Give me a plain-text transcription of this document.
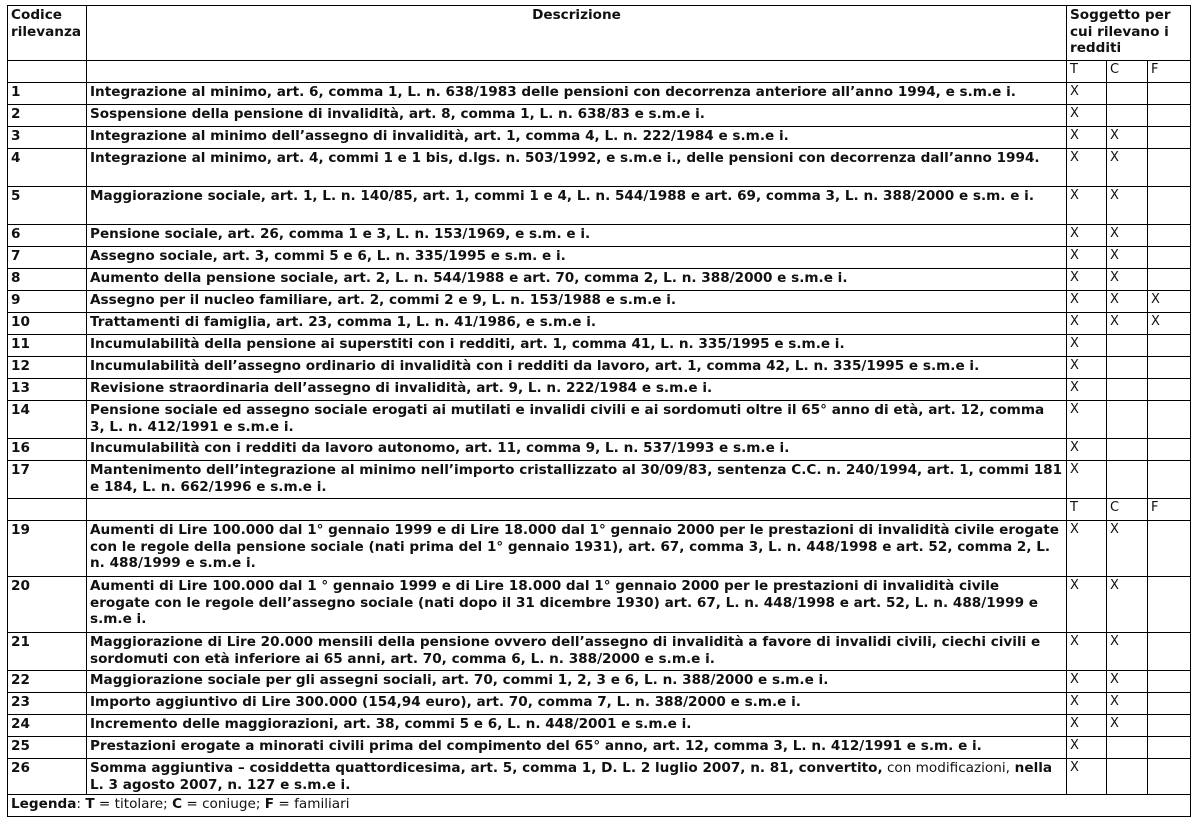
Codice rilevanza	Descrizione	Soggetto per cui rilevano i redditi		
		T	C	F
1	Integrazione al minimo, art. 6, comma 1, L. n. 638/1983 delle pensioni con decorrenza anteriore all’anno 1994, e s.m.e i.	X		
2	Sospensione della pensione di invalidità, art. 8, comma 1, L. n. 638/83 e s.m.e i.	X		
3	Integrazione al minimo dell’assegno di invalidità, art. 1, comma 4, L. n. 222/1984 e s.m.e i.	X	X	
4	Integrazione al minimo, art. 4, commi 1 e 1 bis, d.lgs. n. 503/1992, e s.m.e i., delle pensioni con decorrenza dall’anno 1994.	X	X	
5	Maggiorazione sociale, art. 1, L. n. 140/85, art. 1, commi 1 e 4, L. n. 544/1988 e art. 69, comma 3, L. n. 388/2000 e s.m. e i.	X	X	
6	Pensione sociale, art. 26, comma 1 e 3, L. n. 153/1969, e s.m. e i.	X	X	
7	Assegno sociale, art. 3, commi 5 e 6, L. n. 335/1995 e s.m. e i.	X	X	
8	Aumento della pensione sociale, art. 2, L. n. 544/1988 e art. 70, comma 2, L. n. 388/2000 e s.m.e i.	X	X	
9	Assegno per il nucleo familiare, art. 2, commi 2 e 9, L. n. 153/1988 e s.m.e i.	X	X	X
10	Trattamenti di famiglia, art. 23, comma 1, L. n. 41/1986, e s.m.e i.	X	X	X
11	Incumulabilità della pensione ai superstiti con i redditi, art. 1, comma 41, L. n. 335/1995 e s.m.e i.	X		
12	Incumulabilità dell’assegno ordinario di invalidità con i redditi da lavoro, art. 1, comma 42, L. n. 335/1995 e s.m.e i.	X		
13	Revisione straordinaria dell’assegno di invalidità, art. 9, L. n. 222/1984 e s.m.e i.	X		
14	Pensione sociale ed assegno sociale erogati ai mutilati e invalidi civili e ai sordomuti oltre il 65° anno di età, art. 12, comma 3, L. n. 412/1991 e s.m.e i.	X		
16	Incumulabilità con i redditi da lavoro autonomo, art. 11, comma 9, L. n. 537/1993 e s.m.e i.	X		
17	Mantenimento dell’integrazione al minimo nell’importo cristallizzato al 30/09/83, sentenza C.C. n. 240/1994, art. 1, commi 181 e 184, L. n. 662/1996 e s.m.e i.	X		
		T	C	F
19	Aumenti di Lire 100.000 dal 1° gennaio 1999 e di Lire 18.000 dal 1° gennaio 2000 per le prestazioni di invalidità civile erogate con le regole della pensione sociale (nati prima del 1° gennaio 1931), art. 67, comma 3, L. n. 448/1998 e art. 52, comma 2, L. n. 488/1999 e s.m.e i.	X	X	
20	Aumenti di Lire 100.000 dal 1 ° gennaio 1999 e di Lire 18.000 dal 1° gennaio 2000 per le prestazioni di invalidità civile erogate con le regole dell’assegno sociale (nati dopo il 31 dicembre 1930) art. 67, L. n. 448/1998 e art. 52, L. n. 488/1999 e s.m.e i.	X	X	
21	Maggiorazione di Lire 20.000 mensili della pensione ovvero dell’assegno di invalidità a favore di invalidi civili, ciechi civili e sordomuti con età inferiore ai 65 anni, art. 70, comma 6, L. n. 388/2000 e s.m.e i.	X	X	
22	Maggiorazione sociale per gli assegni sociali, art. 70, commi 1, 2, 3 e 6, L. n. 388/2000 e s.m.e i.	X	X	
23	Importo aggiuntivo di Lire 300.000 (154,94 euro), art. 70, comma 7, L. n. 388/2000 e s.m.e i.	X	X	
24	Incremento delle maggiorazioni, art. 38, commi 5 e 6, L. n. 448/2001 e s.m.e i.	X	X	
25	Prestazioni erogate a minorati civili prima del compimento del 65° anno, art. 12, comma 3, L. n. 412/1991 e s.m. e i.	X		
26	Somma aggiuntiva – cosiddetta quattordicesima, art. 5, comma 1, D. L. 2 luglio 2007, n. 81, convertito, con modificazioni, nella L. 3 agosto 2007, n. 127 e s.m.e i.	X		
Legenda: T = titolare; C = coniuge; F = familiari				
